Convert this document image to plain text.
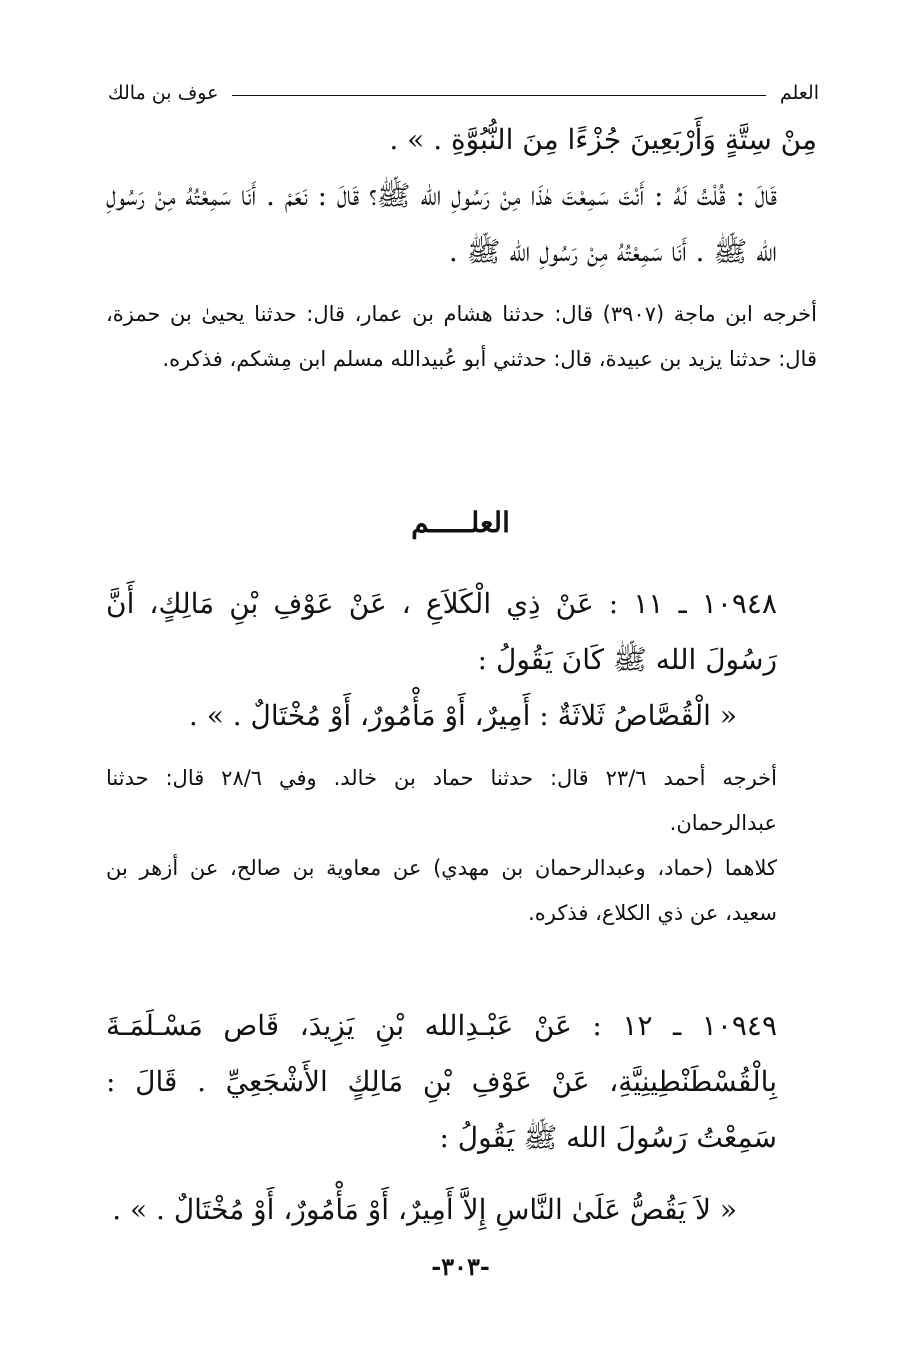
العلم
عوف بن مالك
مِنْ سِتَّةٍ وَأَرْبَعِينَ جُزْءًا مِنَ النُّبُوَّةِ . » .
قَالَ : قُلْتُ لَهُ : أَنْتَ سَمِعْتَ هٰذَا مِنْ رَسُولِ الله ﷺ؟ قَالَ : نَعَمْ . أَنَا سَمِعْتُهُ مِنْ رَسُولِ الله ﷺ . أَنَا سَمِعْتُهُ مِنْ رَسُولِ الله ﷺ .
أخرجه ابن ماجة (٣٩٠٧) قال: حدثنا هشام بن عمار، قال: حدثنا يحيىٰ بن حمزة، قال: حدثنا يزيد بن عبيدة، قال: حدثني أبو عُبيدالله مسلم ابن مِشكم، فذكره.
العلـــــم
١٠٩٤٨ ـ ١١ : عَنْ ذِي الْكَلاَعِ ، عَنْ عَوْفِ بْنِ مَالِكٍ، أَنَّ رَسُولَ الله ﷺ كَانَ يَقُولُ :
« الْقُصَّاصُ ثَلاثَةٌ : أَمِيرٌ، أَوْ مَأْمُورٌ، أَوْ مُخْتَالٌ . » .
أخرجه أحمد ٢٣/٦ قال: حدثنا حماد بن خالد. وفي ٢٨/٦ قال: حدثنا عبدالرحمان.
كلاهما (حماد، وعبدالرحمان بن مهدي) عن معاوية بن صالح، عن أزهر بن سعيد، عن ذي الكلاع، فذكره.
١٠٩٤٩ ـ ١٢ : عَنْ عَبْـدِالله بْنِ يَزِيدَ، قَاص مَسْـلَمَـةَ بِالْقُسْطَنْطِينِيَّةِ، عَنْ عَوْفِ بْنِ مَالِكٍ الأَشْجَعِيِّ . قَالَ : سَمِعْتُ رَسُولَ الله ﷺ يَقُولُ :
« لاَ يَقُصُّ عَلَىٰ النَّاسِ إِلاَّ أَمِيرٌ، أَوْ مَأْمُورٌ، أَوْ مُخْتَالٌ . » .
-٣٠٣-
